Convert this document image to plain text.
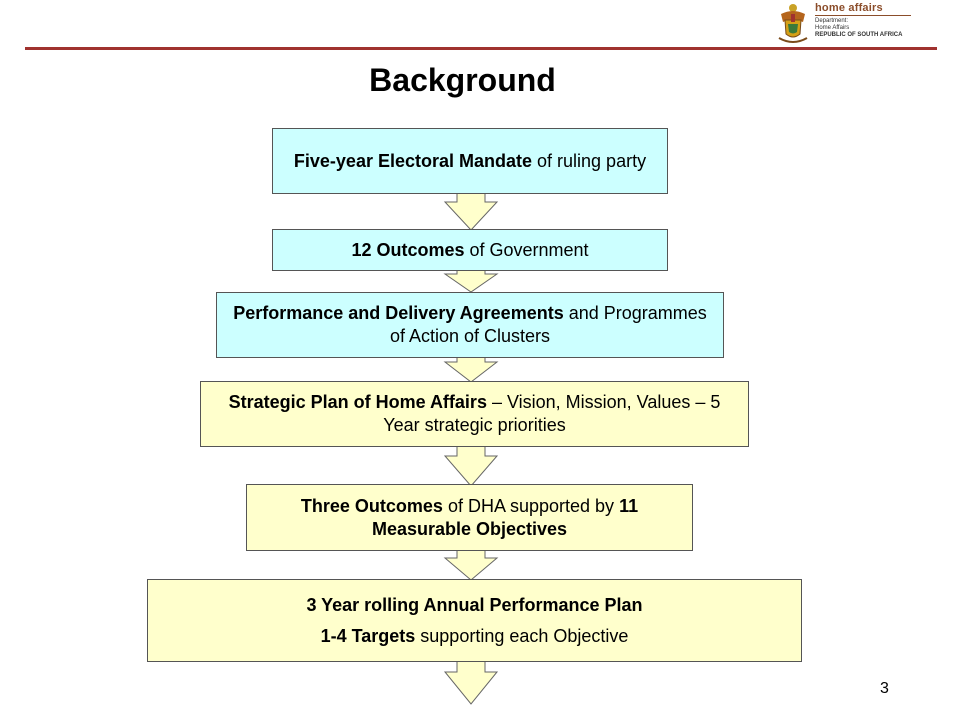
home affairs
Department:
Home Affairs
REPUBLIC OF SOUTH AFRICA
Background
Five-year Electoral Mandate of ruling party
12 Outcomes of Government
Performance and Delivery Agreements and Programmes of Action of Clusters
Strategic Plan of Home Affairs – Vision, Mission, Values – 5 Year strategic priorities
Three Outcomes of DHA supported by 11 Measurable Objectives
3 Year rolling Annual Performance Plan
1-4 Targets supporting each Objective
3
